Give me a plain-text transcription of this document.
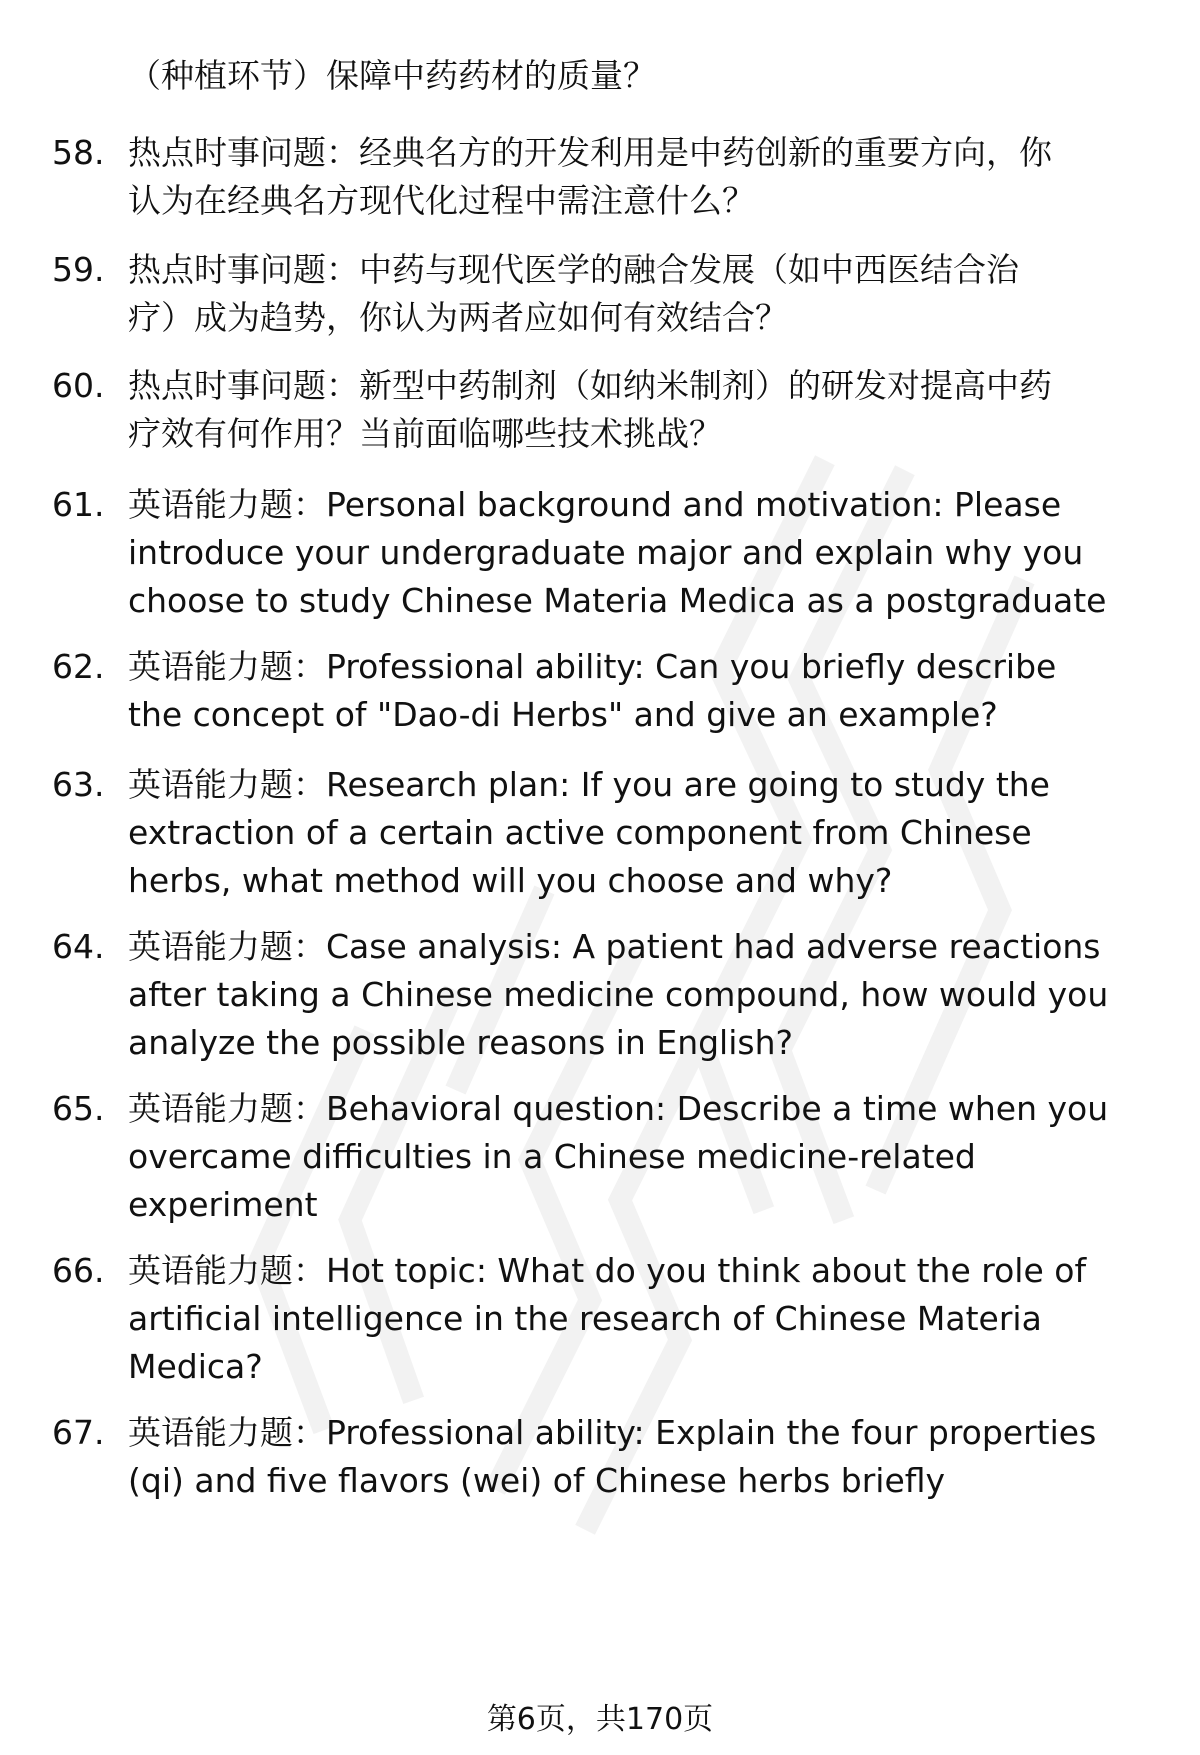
（种植环节）保障中药药材的质量？
58. 热点时事问题：经典名方的开发利用是中药创新的重要方向，你
认为在经典名方现代化过程中需注意什么？
59. 热点时事问题：中药与现代医学的融合发展（如中西医结合治
疗）成为趋势，你认为两者应如何有效结合？
60. 热点时事问题：新型中药制剂（如纳米制剂）的研发对提高中药
疗效有何作用？当前面临哪些技术挑战？
61. 英语能力题：Personal background and motivation: Please
introduce your undergraduate major and explain why you
choose to study Chinese Materia Medica as a postgraduate
62. 英语能力题：Professional ability: Can you briefly describe
the concept of "Dao-di Herbs" and give an example?
63. 英语能力题：Research plan: If you are going to study the
extraction of a certain active component from Chinese
herbs, what method will you choose and why?
64. 英语能力题：Case analysis: A patient had adverse reactions
after taking a Chinese medicine compound, how would you
analyze the possible reasons in English?
65. 英语能力题：Behavioral question: Describe a time when you
overcame difficulties in a Chinese medicine-related
experiment
66. 英语能力题：Hot topic: What do you think about the role of
artificial intelligence in the research of Chinese Materia
Medica?
67. 英语能力题：Professional ability: Explain the four properties
(qi) and five flavors (wei) of Chinese herbs briefly
第6页，共170页
